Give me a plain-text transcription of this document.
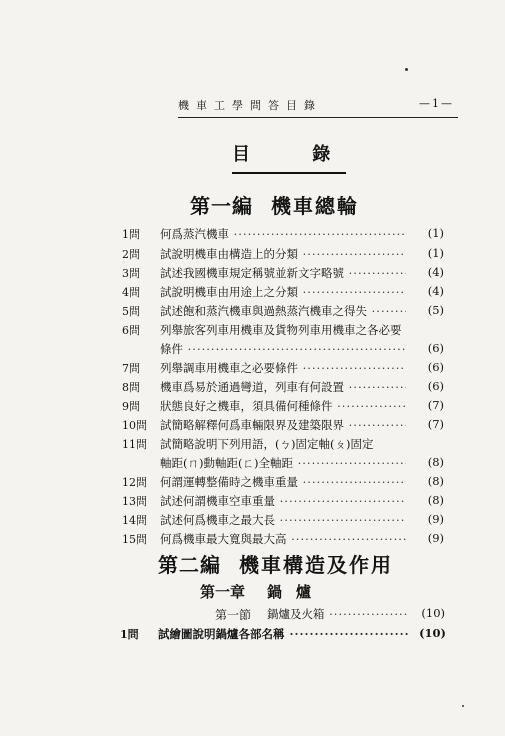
機車工學問答目錄	—1—
目 錄
第一編 機車總輪
1問	何爲蒸汽機車 ·····	(1)
2問	試說明機車由構造上的分類 ·····	(1)
3問	試述我國機車規定稱號並新文字略號 ·····	(4)
4問	試說明機車由用途上之分類 ·····	(4)
5問	試述飽和蒸汽機車與過熱蒸汽機車之得失 ·····	(5)
6問	列舉旅客列車用機車及貨物列車用機車之各必要
條件 ·····	(6)
7問	列舉調車用機車之必要條件 ·····	(6)
8問	機車爲易於通過彎道，列車有何設置 ·····	(6)
9問	狀態良好之機車，須具備何種條件 ·····	(7)
10問	試簡略解釋何爲車輛限界及建築限界 ·····	(7)
11問	試簡略說明下列用語，(ㄅ)固定軸(ㄆ)固定
軸距(ㄇ)動軸距(ㄈ)全軸距 ·····	(8)
12問	何謂運轉整備時之機車重量 ·····	(8)
13問	試述何謂機車空車重量 ·····	(8)
14問	試述何爲機車之最大長 ·····	(9)
15問	何爲機車最大寬與最大高 ·····	(9)
第二編 機車構造及作用
第一章 鍋爐
第一節	鍋爐及火箱 ·····	(10)
1問	試繪圖說明鍋爐各部名稱 ·····	(10)
